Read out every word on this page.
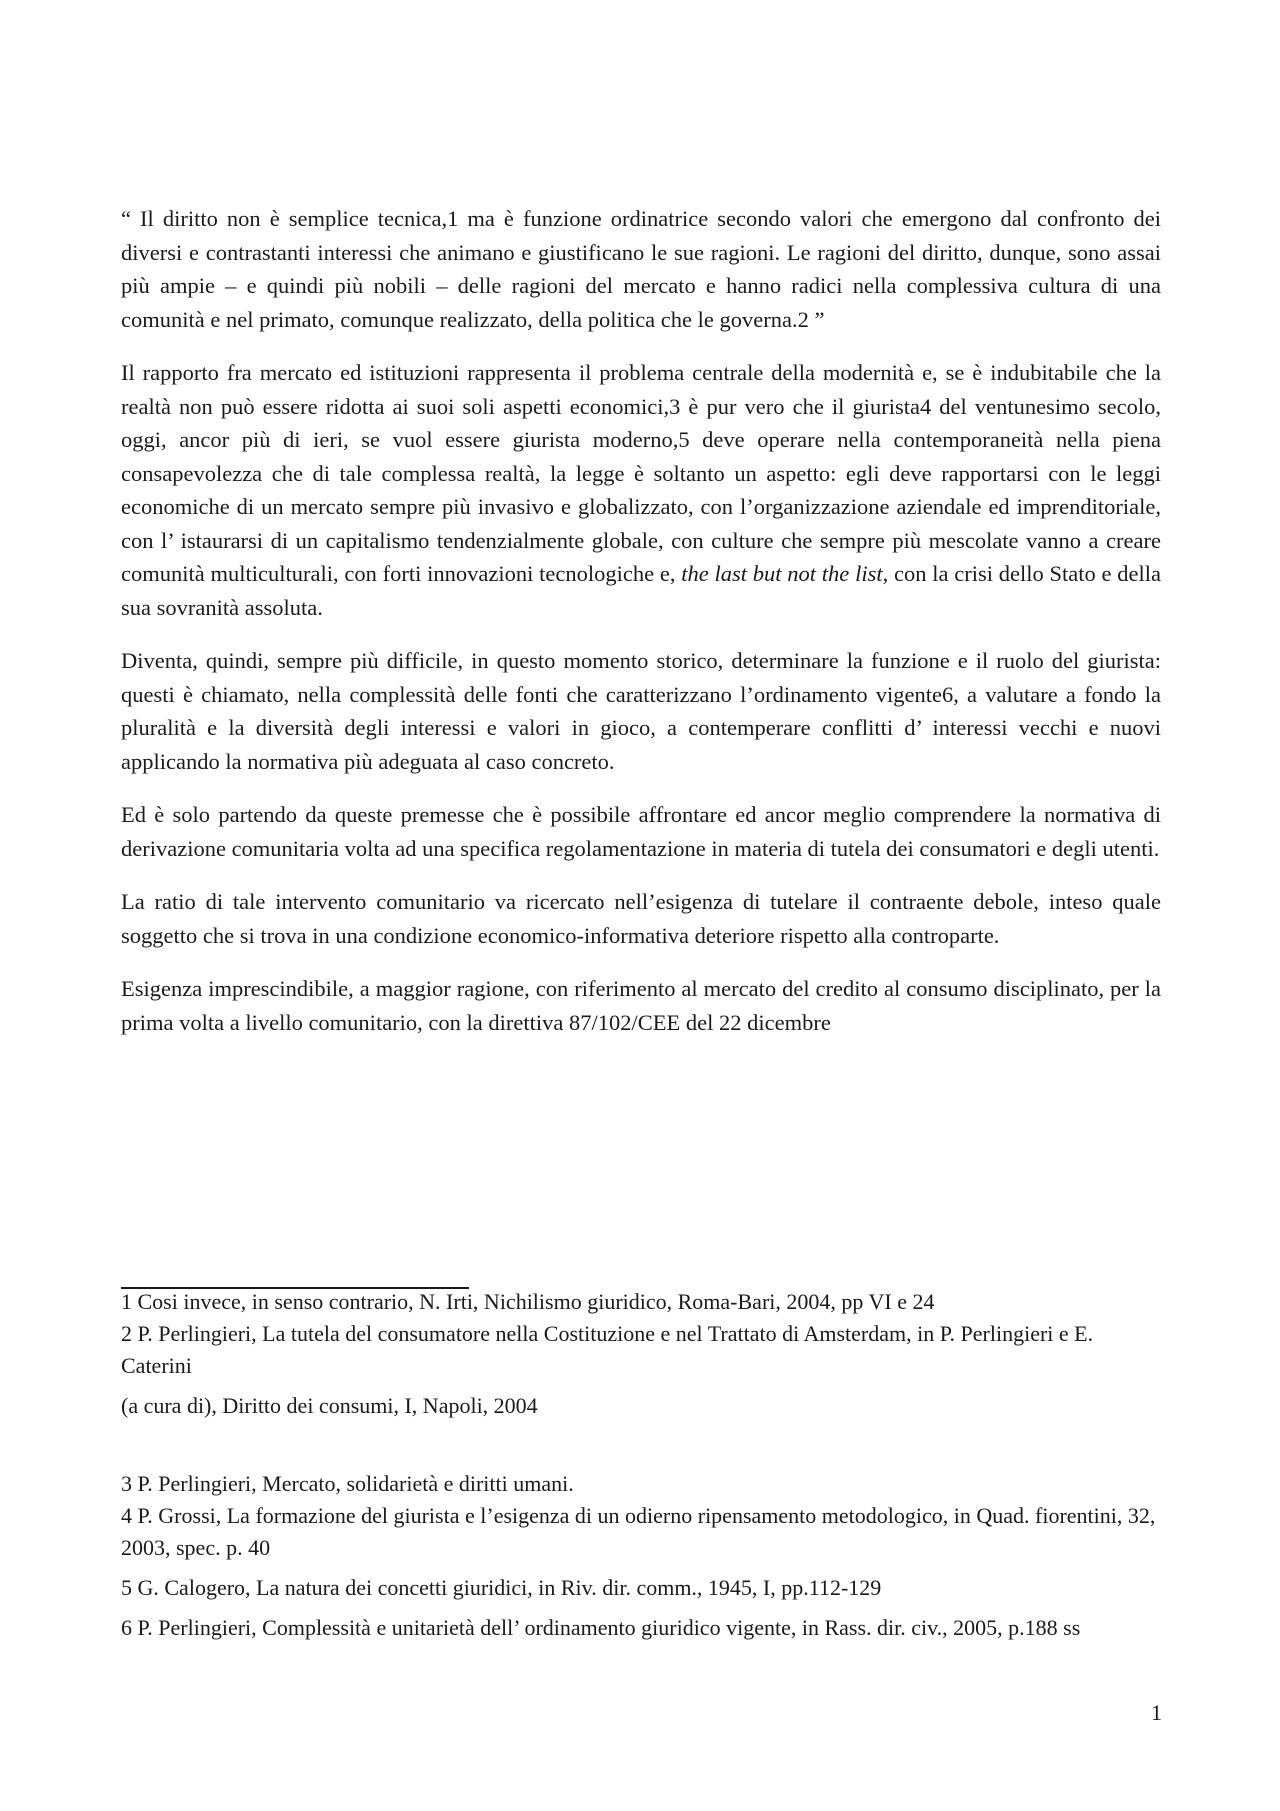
“ Il diritto non è semplice tecnica,1 ma è funzione ordinatrice secondo valori che emergono dal confronto dei diversi e contrastanti interessi che animano e giustificano le sue ragioni. Le ragioni del diritto, dunque, sono assai più ampie – e quindi più nobili – delle ragioni del mercato e hanno radici nella complessiva cultura di una comunità e nel primato, comunque realizzato, della politica che le governa.2 ”

Il rapporto fra mercato ed istituzioni rappresenta il problema centrale della modernità e, se è indubitabile che la realtà non può essere ridotta ai suoi soli aspetti economici,3 è pur vero che il giurista4 del ventunesimo secolo, oggi, ancor più di ieri, se vuol essere giurista moderno,5 deve operare nella contemporaneità nella piena consapevolezza che di tale complessa realtà, la legge è soltanto un aspetto: egli deve rapportarsi con le leggi economiche di un mercato sempre più invasivo e globalizzato, con l’organizzazione aziendale ed imprenditoriale, con l’ istaurarsi di un capitalismo tendenzialmente globale, con culture che sempre più mescolate vanno a creare comunità multiculturali, con forti innovazioni tecnologiche e, the last but not the list, con la crisi dello Stato e della sua sovranità assoluta.

Diventa, quindi, sempre più difficile, in questo momento storico, determinare la funzione e il ruolo del giurista: questi è chiamato, nella complessità delle fonti che caratterizzano l’ordinamento vigente6, a valutare a fondo la pluralità e la diversità degli interessi e valori in gioco, a contemperare conflitti d’ interessi vecchi e nuovi applicando la normativa più adeguata al caso concreto.

Ed è solo partendo da queste premesse che è possibile affrontare ed ancor meglio comprendere la normativa di derivazione comunitaria volta ad una specifica regolamentazione in materia di tutela dei consumatori e degli utenti.

La ratio di tale intervento comunitario va ricercato nell’esigenza di tutelare il contraente debole, inteso quale soggetto che si trova in una condizione economico-informativa deteriore rispetto alla controparte.

Esigenza imprescindibile, a maggior ragione, con riferimento al mercato del credito al consumo disciplinato, per la prima volta a livello comunitario, con la direttiva 87/102/CEE del 22 dicembre

1 Cosi invece, in senso contrario, N. Irti, Nichilismo giuridico, Roma-Bari, 2004, pp VI e 24

2 P. Perlingieri, La tutela del consumatore nella Costituzione e nel Trattato di Amsterdam, in P. Perlingieri e E. Caterini

(a cura di), Diritto dei consumi, I, Napoli, 2004

3 P. Perlingieri, Mercato, solidarietà e diritti umani.

4 P. Grossi, La formazione del giurista e l’esigenza di un odierno ripensamento metodologico, in Quad. fiorentini, 32, 2003, spec. p. 40

5 G. Calogero, La natura dei concetti giuridici, in Riv. dir. comm., 1945, I, pp.112-129

6 P. Perlingieri, Complessità e unitarietà dell’ ordinamento giuridico vigente, in Rass. dir. civ., 2005, p.188 ss

1
